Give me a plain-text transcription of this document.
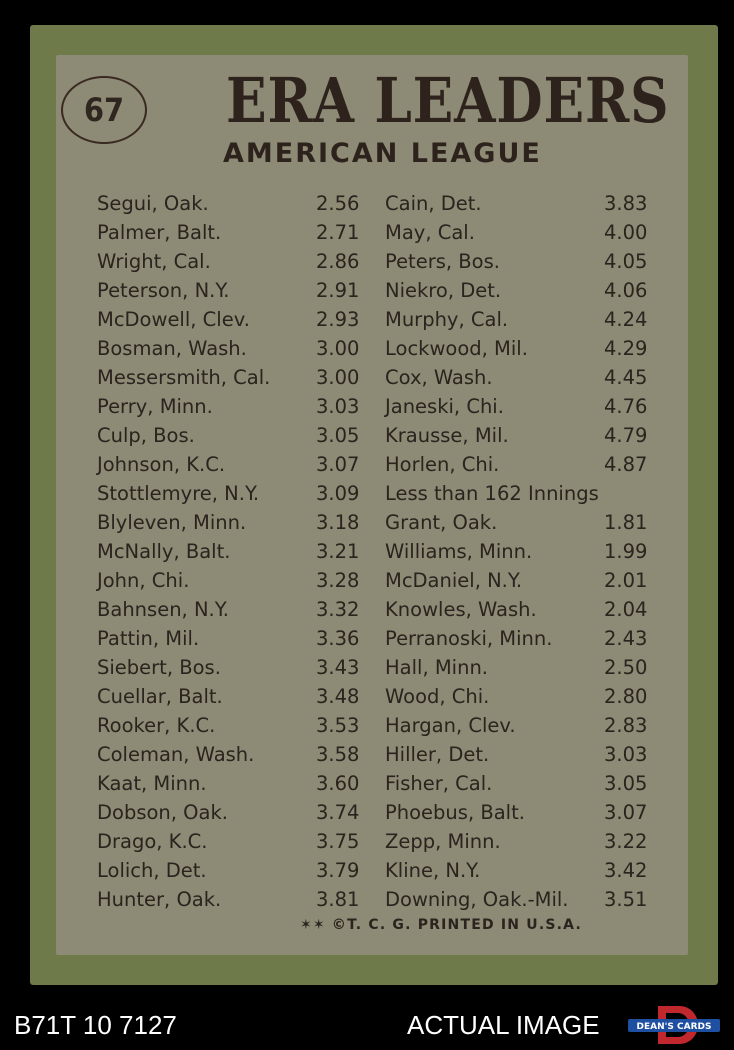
67	ERA LEADERS
AMERICAN LEAGUE
Segui, Oak.	2.56
Palmer, Balt.	2.71
Wright, Cal.	2.86
Peterson, N.Y.	2.91
McDowell, Clev.	2.93
Bosman, Wash.	3.00
Messersmith, Cal. 3.00
Perry, Minn.	3.03
Culp, Bos.	3.05
Johnson, K.C.	3.07
Stottlemyre, N.Y.	3.09
Blyleven, Minn.	3.18
McNally, Balt.	3.21
John, Chi.	3.28
Bahnsen, N.Y.	3.32
Pattin, Mil.	3.36
Siebert, Bos.	3.43
Cuellar, Balt.	3.48
Rooker, K.C.	3.53
Coleman, Wash.	3.58
Kaat, Minn.	3.60
Dobson, Oak.	3.74
Drago, K.C.	3.75
Lolich, Det.	3.79
Hunter, Oak.	3.81
Cain, Det.	3.83
May, Cal.	4.00
Peters, Bos.	4.05
Niekro, Det.	4.06
Murphy, Cal.	4.24
Lockwood, Mil.	4.29
Cox, Wash.	4.45
Janeski, Chi.	4.76
Krausse, Mil.	4.79
Horlen, Chi.	4.87
Less than 162 Innings
Grant, Oak.	1.81
Williams, Minn.	1.99
McDaniel, N.Y.	2.01
Knowles, Wash.	2.04
Perranoski, Minn.	2.43
Hall, Minn.	2.50
Wood, Chi.	2.80
Hargan, Clev.	2.83
Hiller, Det.	3.03
Fisher, Cal.	3.05
Phoebus, Balt.	3.07
Zepp, Minn.	3.22
Kline, N.Y.	3.42
Downing, Oak.-Mil. 3.51
✶✶ ©T. C. G. PRINTED IN U.S.A.
B71T 10 7127	ACTUAL IMAGE	DEAN'S CARDS
